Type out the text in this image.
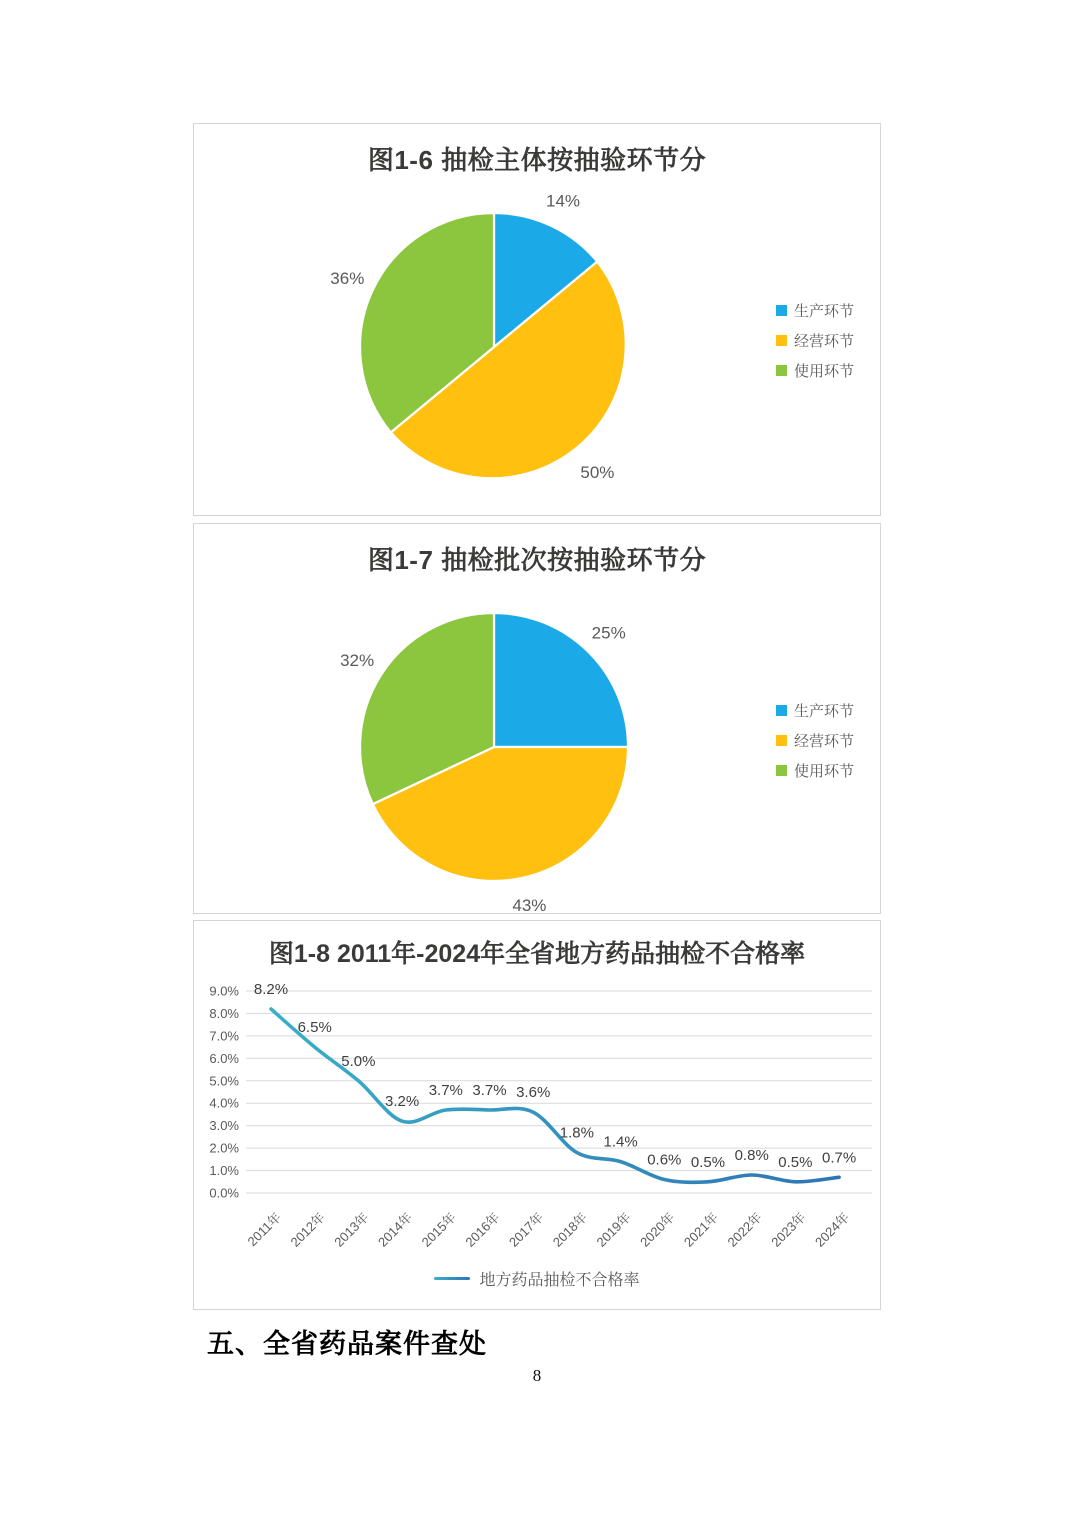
图1-6 抽检主体按抽验环节分
14%
50%
36%
生产环节
经营环节
使用环节
图1-7 抽检批次按抽验环节分
25%
43%
32%
生产环节
经营环节
使用环节
图1-8 2011年-2024年全省地方药品抽检不合格率
0.0%
1.0%
2.0%
3.0%
4.0%
5.0%
6.0%
7.0%
8.0%
9.0% 8.2%
6.5%
5.0%
3.2%
3.7% 3.7% 3.6%
1.8%
1.4%
0.6% 0.5% 0.8% 0.5% 0.7%
2011年 2012年 2013年 2014年 2015年 2016年 2017年 2018年 2019年 2020年 2021年 2022年 2023年 2024年
地方药品抽检不合格率
五、全省药品案件查处
8
